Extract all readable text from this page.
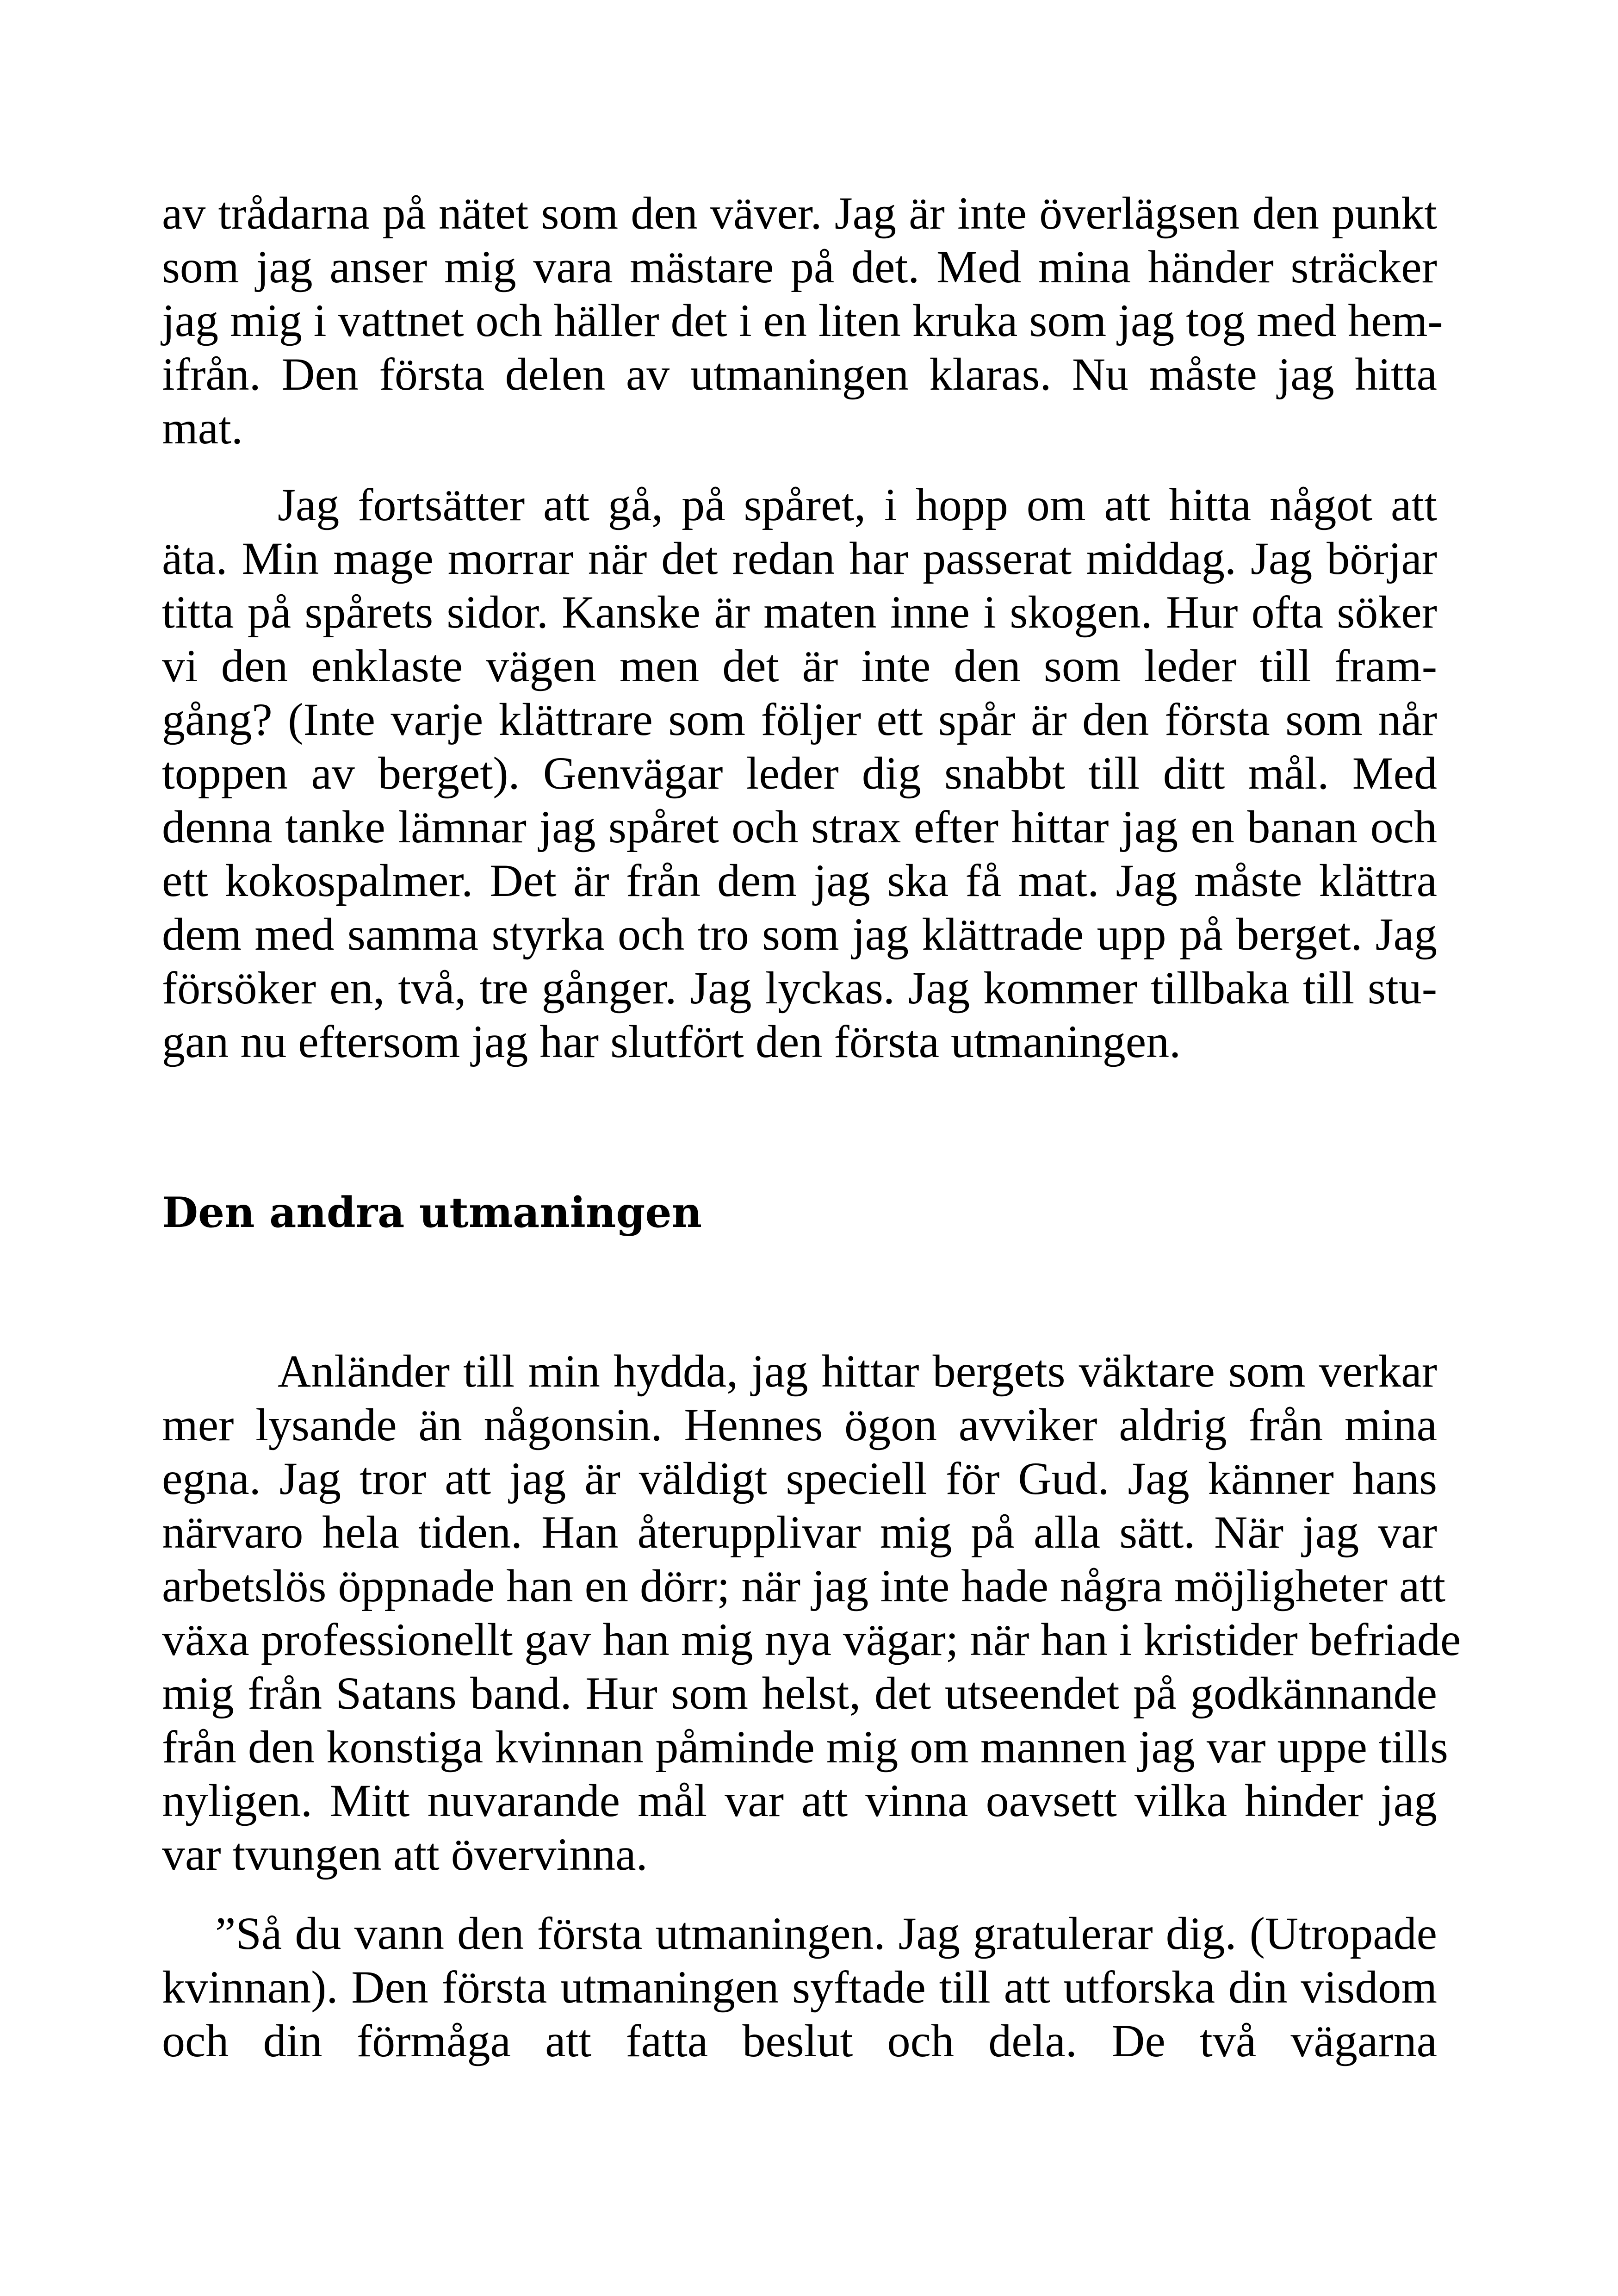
av trådarna på nätet som den väver. Jag är inte överlägsen den punkt
som jag anser mig vara mästare på det. Med mina händer sträcker
jag mig i vattnet och häller det i en liten kruka som jag tog med hem-
ifrån. Den första delen av utmaningen klaras. Nu måste jag hitta
mat.
Jag fortsätter att gå, på spåret, i hopp om att hitta något att
äta. Min mage morrar när det redan har passerat middag. Jag börjar
titta på spårets sidor. Kanske är maten inne i skogen. Hur ofta söker
vi den enklaste vägen men det är inte den som leder till fram-
gång? (Inte varje klättrare som följer ett spår är den första som når
toppen av berget). Genvägar leder dig snabbt till ditt mål. Med
denna tanke lämnar jag spåret och strax efter hittar jag en banan och
ett kokospalmer. Det är från dem jag ska få mat. Jag måste klättra
dem med samma styrka och tro som jag klättrade upp på berget. Jag
försöker en, två, tre gånger. Jag lyckas. Jag kommer tillbaka till stu-
gan nu eftersom jag har slutfört den första utmaningen.
Den andra utmaningen
Anländer till min hydda, jag hittar bergets väktare som verkar
mer lysande än någonsin. Hennes ögon avviker aldrig från mina
egna. Jag tror att jag är väldigt speciell för Gud. Jag känner hans
närvaro hela tiden. Han återupplivar mig på alla sätt. När jag var
arbetslös öppnade han en dörr; när jag inte hade några möjligheter att
växa professionellt gav han mig nya vägar; när han i kristider befriade
mig från Satans band. Hur som helst, det utseendet på godkännande
från den konstiga kvinnan påminde mig om mannen jag var uppe tills
nyligen. Mitt nuvarande mål var att vinna oavsett vilka hinder jag
var tvungen att övervinna.
”Så du vann den första utmaningen. Jag gratulerar dig. (Utropade
kvinnan). Den första utmaningen syftade till att utforska din visdom
och din förmåga att fatta beslut och dela. De två vägarna
